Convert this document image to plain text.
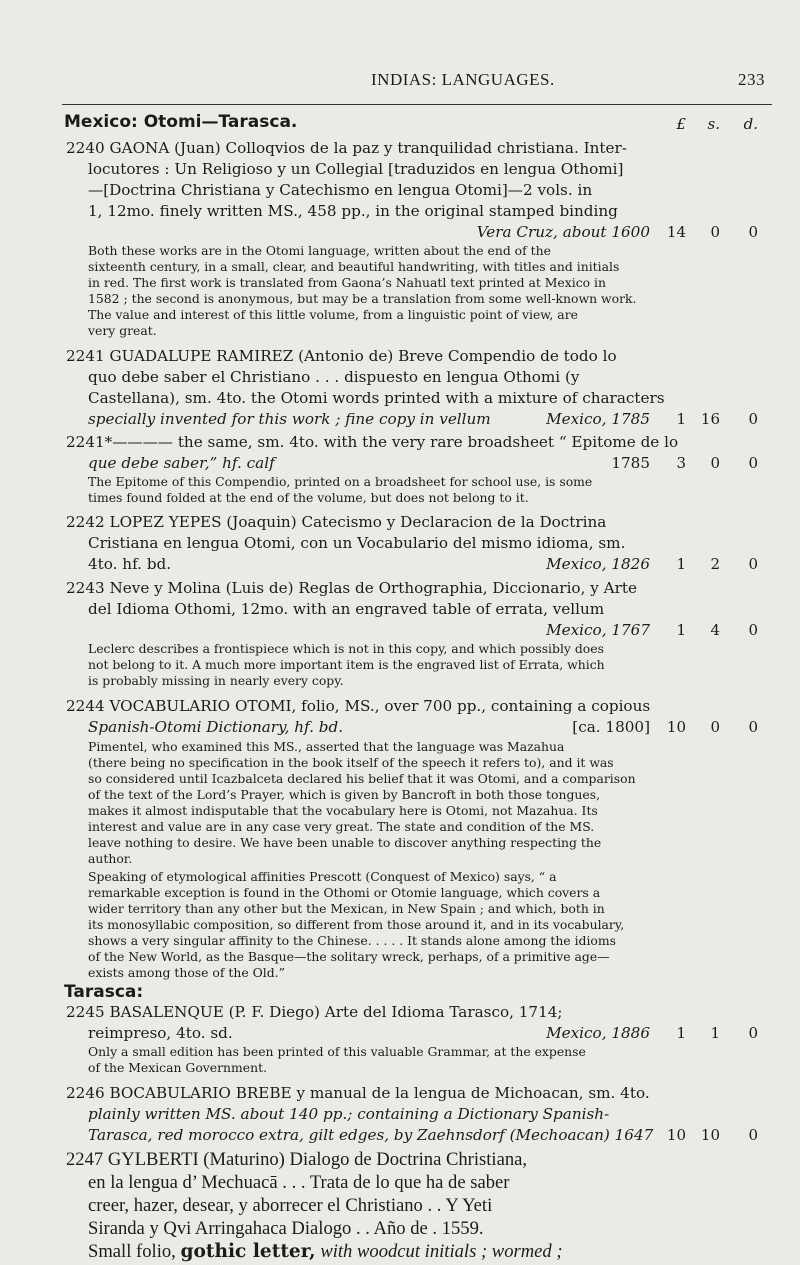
INDIAS: LANGUAGES.	233
Mexico: Otomi—Tarasca.	£ s. d.
2240 GAONA (Juan) Colloqvios de la paz y tranquilidad christiana. Inter-
locutores : Un Religioso y un Collegial [traduzidos en lengua Othomi]
—[Doctrina Christiana y Catechismo en lengua Otomi]—2 vols. in
1, 12mo. finely written MS., 458 pp., in the original stamped binding
Vera Cruz, about 1600	14 0 0
Both these works are in the Otomi language, written about the end of the
sixteenth century, in a small, clear, and beautiful handwriting, with titles and initials
in red. The first work is translated from Gaona’s Nahuatl text printed at Mexico in
1582 ; the second is anonymous, but may be a translation from some well-known work.
The value and interest of this little volume, from a linguistic point of view, are
very great.
2241 GUADALUPE RAMIREZ (Antonio de) Breve Compendio de todo lo
quo debe saber el Christiano . . . dispuesto en lengua Othomi (y
Castellana), sm. 4to. the Otomi words printed with a mixture of characters
specially invented for this work ; fine copy in vellum	Mexico, 1785	1 16 0
2241*———— the same, sm. 4to. with the very rare broadsheet “ Epitome de lo
que debe saber,” hf. calf	1785	3 0 0
The Epitome of this Compendio, printed on a broadsheet for school use, is some
times found folded at the end of the volume, but does not belong to it.
2242 LOPEZ YEPES (Joaquin) Catecismo y Declaracion de la Doctrina
Cristiana en lengua Otomi, con un Vocabulario del mismo idioma, sm.
4to. hf. bd.	Mexico, 1826	1 2 0
2243 Neve y Molina (Luis de) Reglas de Orthographia, Diccionario, y Arte
del Idioma Othomi, 12mo. with an engraved table of errata, vellum
Mexico, 1767	1 4 0
Leclerc describes a frontispiece which is not in this copy, and which possibly does
not belong to it. A much more important item is the engraved list of Errata, which
is probably missing in nearly every copy.
2244 VOCABULARIO OTOMI, folio, MS., over 700 pp., containing a copious
Spanish-Otomi Dictionary, hf. bd.	[ca. 1800]	10 0 0
Pimentel, who examined this MS., asserted that the language was Mazahua
(there being no specification in the book itself of the speech it refers to), and it was
so considered until Icazbalceta declared his belief that it was Otomi, and a comparison
of the text of the Lord’s Prayer, which is given by Bancroft in both those tongues,
makes it almost indisputable that the vocabulary here is Otomi, not Mazahua. Its
interest and value are in any case very great. The state and condition of the MS.
leave nothing to desire. We have been unable to discover anything respecting the
author.
Speaking of etymological affinities Prescott (Conquest of Mexico) says, “ a
remarkable exception is found in the Othomi or Otomie language, which covers a
wider territory than any other but the Mexican, in New Spain ; and which, both in
its monosyllabic composition, so different from those around it, and in its vocabulary,
shows a very singular affinity to the Chinese. . . . . It stands alone among the idioms
of the New World, as the Basque—the solitary wreck, perhaps, of a primitive age—
exists among those of the Old.”
Tarasca:
2245 BASALENQUE (P. F. Diego) Arte del Idioma Tarasco, 1714;
reimpreso, 4to. sd.	Mexico, 1886	1 1 0
Only a small edition has been printed of this valuable Grammar, at the expense
of the Mexican Government.
2246 BOCABULARIO BREBE y manual de la lengua de Michoacan, sm. 4to.
plainly written MS. about 140 pp.; containing a Dictionary Spanish-
Tarasca, red morocco extra, gilt edges, by Zaehnsdorf (Mechoacan) 1647 10 10 0
2247 GYLBERTI (Maturino) Dialogo de Doctrina Christiana,
en la lengua d’ Mechuacā . . . Trata de lo que ha de saber
creer, hazer, desear, y aborrecer el Christiano . . Y Yeti
Siranda y Qvi Arringahaca Dialogo . . Año de . 1559.
Small folio, gothic letter, with woodcut initials ; wormed ;
